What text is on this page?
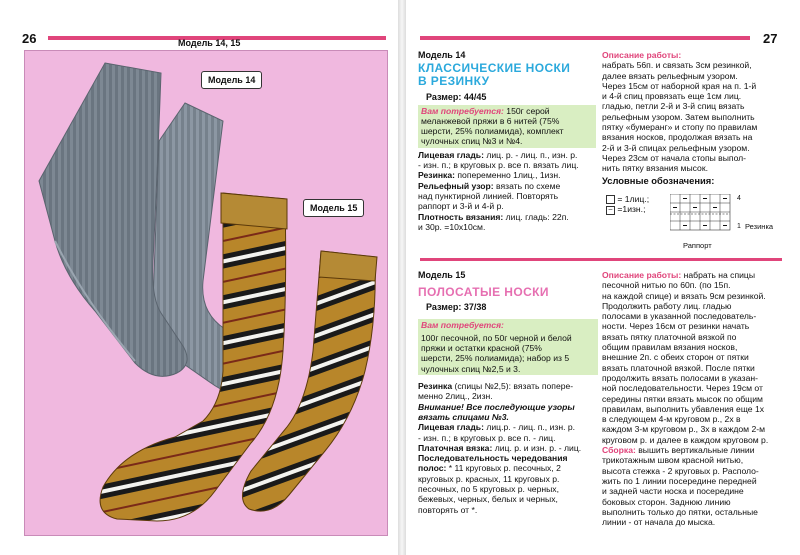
26	Модель 14, 15
Модель 14
Модель 15
27
Модель 14
КЛАССИЧЕСКИЕ НОСКИ
В РЕЗИНКУ
Размер: 44/45
Вам потребуется: 150г серой
меланжевой пряжи в 6 нитей (75%
шерсти, 25% полиамида), комплект
чулочных спиц №3 и №4.
Лицевая гладь: лиц. р. - лиц. п., изн. р.
- изн. п.; в круговых р. все п. вязать лиц.
Резинка: попеременно 1лиц., 1изн.
Рельефный узор: вязать по схеме
над пунктирной линией. Повторять
раппорт и 3-й и 4-й р.
Плотность вязания: лиц. гладь: 22п.
и 30р. =10х10см.
Описание работы:
набрать 56п. и связать 3см резинкой,
далее вязать рельефным узором.
Через 15см от наборной края на п. 1-й
и 4-й спиц провязать еще 1см лиц.
гладью, петли 2-й и 3-й спиц вязать
рельефным узором. Затем выполнить
пятку «бумеранг» и стопу по правилам
вязания носков, продолжая вязать на
2-й и 3-й спицах рельефным узором.
Через 23см от начала стопы выпол-
нить пятку вязания мысок.
Условные обозначения:
= 1лиц.;
– =1изн.;
4
1 Резинка
Раппорт
Модель 15
ПОЛОСАТЫЕ НОСКИ
Размер: 37/38
Вам потребуется:
100г песочной, по 50г черной и белой
пряжи и остатки красной (75%
шерсти, 25% полиамида); набор из 5
чулочных спиц №2,5 и 3.
Резинка (спицы №2,5): вязать попере-
менно 2лиц., 2изн.
Внимание! Все последующие узоры
вязать спицами №3.
Лицевая гладь: лиц.р. - лиц. п., изн. р.
- изн. п.; в круговых р. все п. - лиц.
Платочная вязка: лиц. р. и изн. р. - лиц.
Последовательность чередования
полос: * 11 круговых р. песочных, 2
круговых р. красных, 11 круговых р.
песочных, по 5 круговых р. черных,
бежевых, черных, белых и черных,
повторять от *.
Описание работы: набрать на спицы
песочной нитью по 60п. (по 15п.
на каждой спице) и вязать 9см резинкой.
Продолжить работу лиц. гладью
полосами в указанной последователь-
ности. Через 16см от резинки начать
вязать пятку платочной вязкой по
общим правилам вязания носков,
внешние 2п. с обеих сторон от пятки
вязать платочной вязкой. После пятки
продолжить вязать полосами в указан-
ной последовательности. Через 19см от
середины пятки вязать мысок по общим
правилам, выполнить убавления еще 1х
в следующем 4-м круговом р., 2х в
каждом 3-м круговом р., 3х в каждом 2-м
круговом р. и далее в каждом круговом р.
Сборка: вышить вертикальные линии
трикотажным швом красной нитью,
высота стежка - 2 круговых р. Располо-
жить по 1 линии посередине передней
и задней части носка и посередине
боковых сторон. Заднюю линию
выполнить только до пятки, остальные
линии - от начала до мыска.
